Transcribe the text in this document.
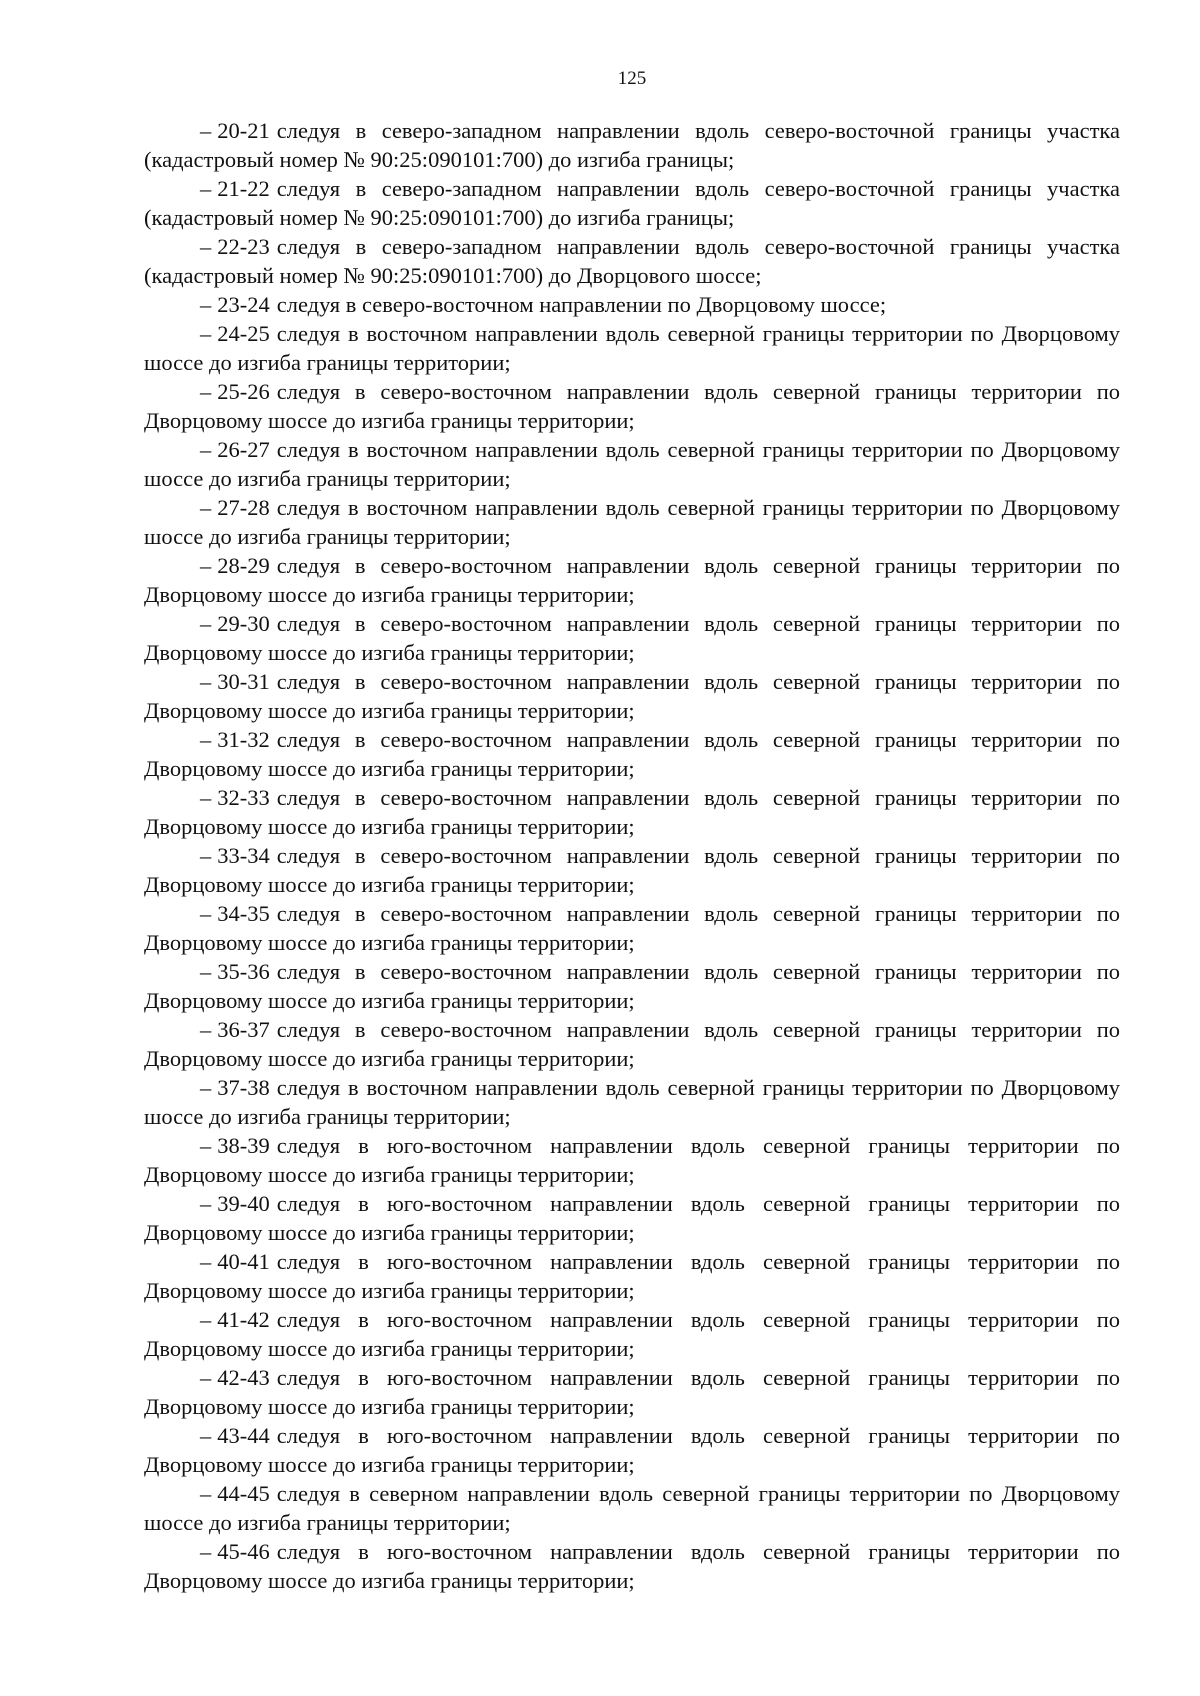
125

– 20-21 следуя в северо-западном направлении вдоль северо-восточной границы участка (кадастровый номер № 90:25:090101:700) до изгиба границы;

– 21-22 следуя в северо-западном направлении вдоль северо-восточной границы участка (кадастровый номер № 90:25:090101:700) до изгиба границы;

– 22-23 следуя в северо-западном направлении вдоль северо-восточной границы участка (кадастровый номер № 90:25:090101:700) до Дворцового шоссе;

– 23-24 следуя в северо-восточном направлении по Дворцовому шоссе;

– 24-25 следуя в восточном направлении вдоль северной границы территории по Дворцовому шоссе до изгиба границы территории;

– 25-26 следуя в северо-восточном направлении вдоль северной границы территории по Дворцовому шоссе до изгиба границы территории;

– 26-27 следуя в восточном направлении вдоль северной границы территории по Дворцовому шоссе до изгиба границы территории;

– 27-28 следуя в восточном направлении вдоль северной границы территории по Дворцовому шоссе до изгиба границы территории;

– 28-29 следуя в северо-восточном направлении вдоль северной границы территории по Дворцовому шоссе до изгиба границы территории;

– 29-30 следуя в северо-восточном направлении вдоль северной границы территории по Дворцовому шоссе до изгиба границы территории;

– 30-31 следуя в северо-восточном направлении вдоль северной границы территории по Дворцовому шоссе до изгиба границы территории;

– 31-32 следуя в северо-восточном направлении вдоль северной границы территории по Дворцовому шоссе до изгиба границы территории;

– 32-33 следуя в северо-восточном направлении вдоль северной границы территории по Дворцовому шоссе до изгиба границы территории;

– 33-34 следуя в северо-восточном направлении вдоль северной границы территории по Дворцовому шоссе до изгиба границы территории;

– 34-35 следуя в северо-восточном направлении вдоль северной границы территории по Дворцовому шоссе до изгиба границы территории;

– 35-36 следуя в северо-восточном направлении вдоль северной границы территории по Дворцовому шоссе до изгиба границы территории;

– 36-37 следуя в северо-восточном направлении вдоль северной границы территории по Дворцовому шоссе до изгиба границы территории;

– 37-38 следуя в восточном направлении вдоль северной границы территории по Дворцовому шоссе до изгиба границы территории;

– 38-39 следуя в юго-восточном направлении вдоль северной границы территории по Дворцовому шоссе до изгиба границы территории;

– 39-40 следуя в юго-восточном направлении вдоль северной границы территории по Дворцовому шоссе до изгиба границы территории;

– 40-41 следуя в юго-восточном направлении вдоль северной границы территории по Дворцовому шоссе до изгиба границы территории;

– 41-42 следуя в юго-восточном направлении вдоль северной границы территории по Дворцовому шоссе до изгиба границы территории;

– 42-43 следуя в юго-восточном направлении вдоль северной границы территории по Дворцовому шоссе до изгиба границы территории;

– 43-44 следуя в юго-восточном направлении вдоль северной границы территории по Дворцовому шоссе до изгиба границы территории;

– 44-45 следуя в северном направлении вдоль северной границы территории по Дворцовому шоссе до изгиба границы территории;

– 45-46 следуя в юго-восточном направлении вдоль северной границы территории по Дворцовому шоссе до изгиба границы территории;
